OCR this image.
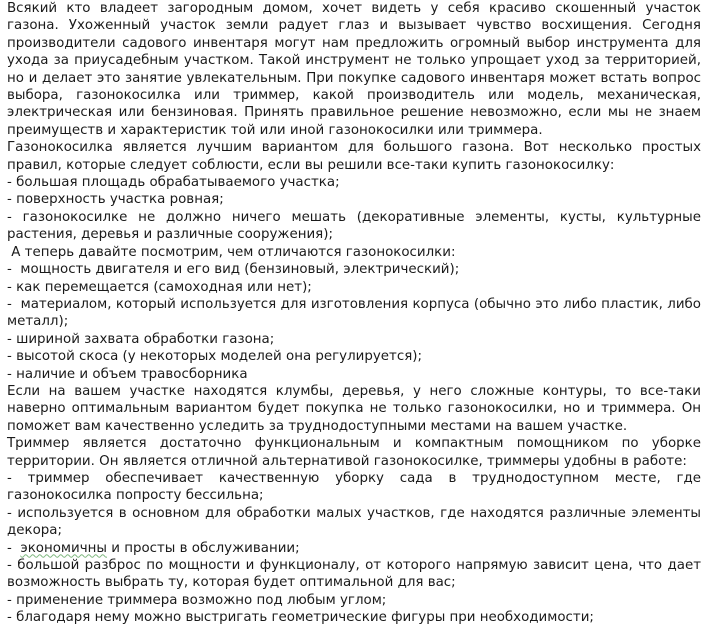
Всякий кто владеет загородным домом, хочет видеть у себя красиво скошенный участок газона. Ухоженный участок земли радует глаз и вызывает чувство восхищения. Сегодня производители садового инвентаря могут нам предложить огромный выбор инструмента для ухода за приусадебным участком. Такой инструмент не только упрощает уход за территорией, но и делает это занятие увлекательным. При покупке садового инвентаря может встать вопрос выбора, газонокосилка или триммер, какой производитель или модель, механическая, электрическая или бензиновая. Принять правильное решение невозможно, если мы не знаем преимуществ и характеристик той или иной газонокосилки или триммера.

Газонокосилка является лучшим вариантом для большого газона. Вот несколько простых правил, которые следует соблюсти, если вы решили все-таки купить газонокосилку:

- большая площадь обрабатываемого участка;

- поверхность участка ровная;

- газонокосилке не должно ничего мешать (декоративные элементы, кусты, культурные растения, деревья и различные сооружения);

А теперь давайте посмотрим, чем отличаются газонокосилки:

-  мощность двигателя и его вид (бензиновый, электрический);

- как перемещается (самоходная или нет);

-  материалом, который используется для изготовления корпуса (обычно это либо пластик, либо металл);

- шириной захвата обработки газона;

- высотой скоса (у некоторых моделей она регулируется);

- наличие и объем травосборника

Если на вашем участке находятся клумбы, деревья, у него сложные контуры, то все-таки наверно оптимальным вариантом будет покупка не только газонокосилки, но и триммера. Он поможет вам качественно уследить за труднодоступными местами на вашем участке.

Триммер является достаточно функциональным и компактным помощником по уборке территории. Он является отличной альтернативой газонокосилке, триммеры удобны в работе:

- триммер обеспечивает качественную уборку сада в труднодоступном месте, где газонокосилка попросту бессильна;

- используется в основном для обработки малых участков, где находятся различные элементы декора;

-  экономичны и просты в обслуживании;

- большой разброс по мощности и функционалу, от которого напрямую зависит цена, что дает возможность выбрать ту, которая будет оптимальной для вас;

- применение триммера возможно под любым углом;

- благодаря нему можно выстригать геометрические фигуры при необходимости;
